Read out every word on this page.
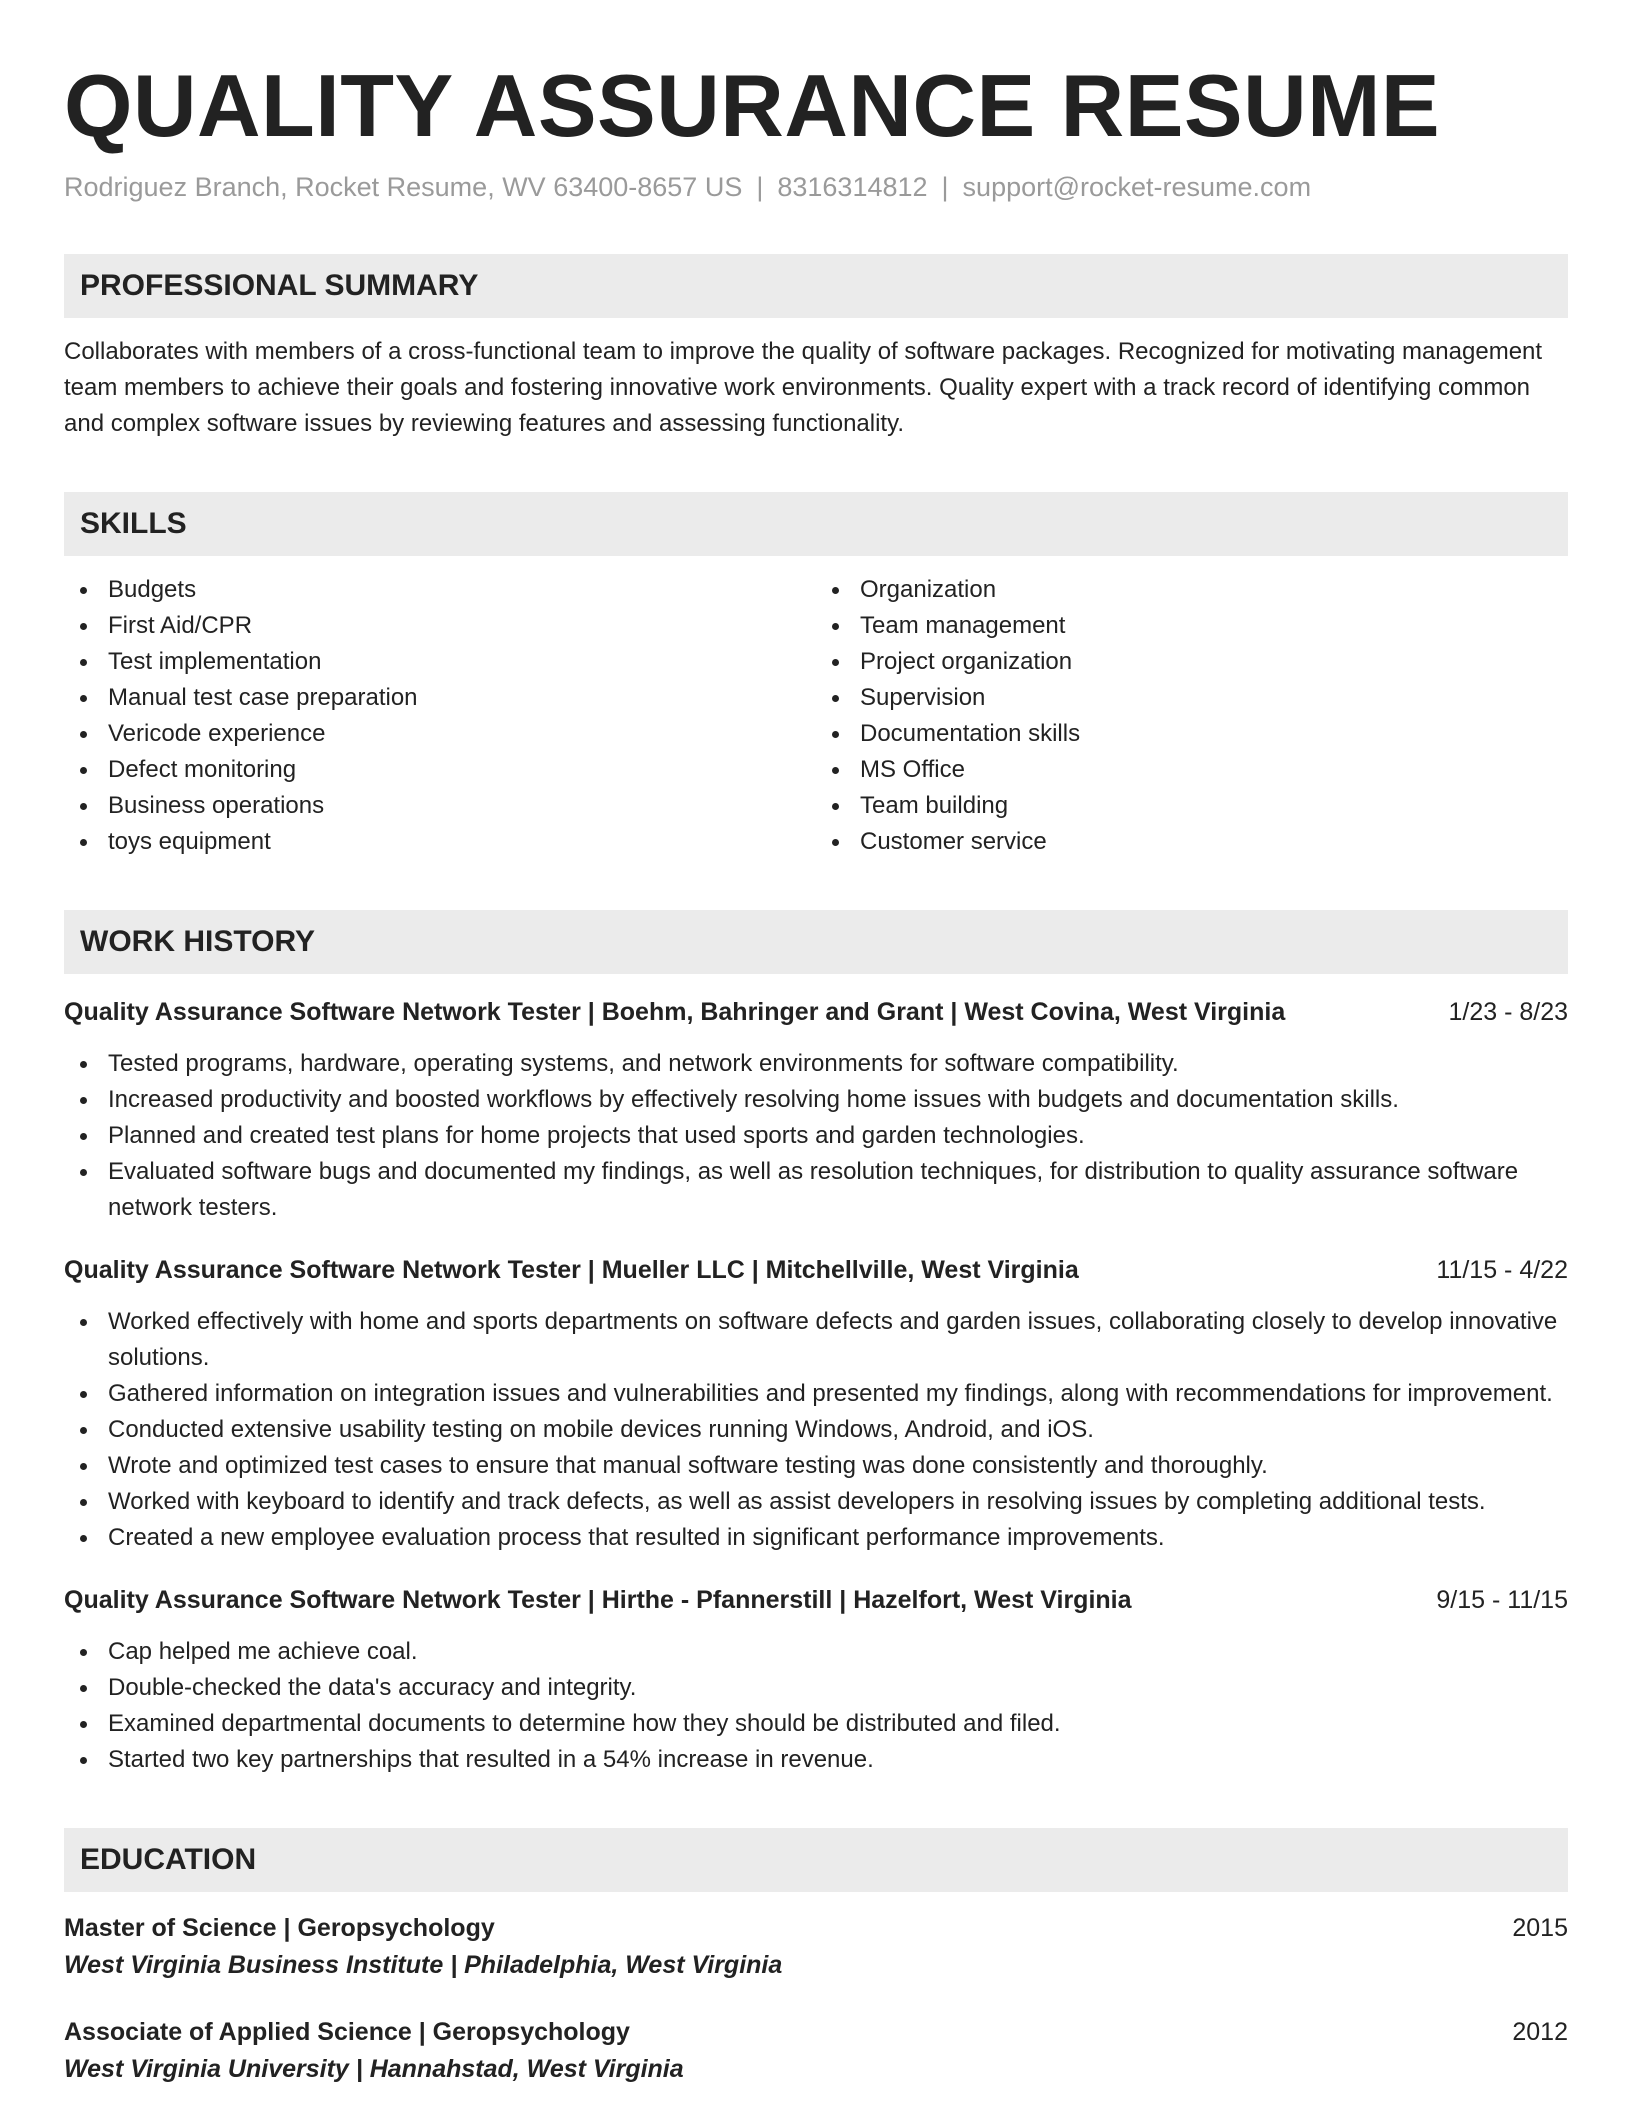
QUALITY ASSURANCE RESUME
Rodriguez Branch, Rocket Resume, WV 63400-8657 US | 8316314812 | support@rocket-resume.com
PROFESSIONAL SUMMARY
Collaborates with members of a cross-functional team to improve the quality of software packages. Recognized for motivating management team members to achieve their goals and fostering innovative work environments. Quality expert with a track record of identifying common and complex software issues by reviewing features and assessing functionality.
SKILLS
Budgets
First Aid/CPR
Test implementation
Manual test case preparation
Vericode experience
Defect monitoring
Business operations
toys equipment
Organization
Team management
Project organization
Supervision
Documentation skills
MS Office
Team building
Customer service
WORK HISTORY
Quality Assurance Software Network Tester | Boehm, Bahringer and Grant | West Covina, West Virginia	1/23 - 8/23
Tested programs, hardware, operating systems, and network environments for software compatibility.
Increased productivity and boosted workflows by effectively resolving home issues with budgets and documentation skills.
Planned and created test plans for home projects that used sports and garden technologies.
Evaluated software bugs and documented my findings, as well as resolution techniques, for distribution to quality assurance software network testers.
Quality Assurance Software Network Tester | Mueller LLC | Mitchellville, West Virginia	11/15 - 4/22
Worked effectively with home and sports departments on software defects and garden issues, collaborating closely to develop innovative solutions.
Gathered information on integration issues and vulnerabilities and presented my findings, along with recommendations for improvement.
Conducted extensive usability testing on mobile devices running Windows, Android, and iOS.
Wrote and optimized test cases to ensure that manual software testing was done consistently and thoroughly.
Worked with keyboard to identify and track defects, as well as assist developers in resolving issues by completing additional tests.
Created a new employee evaluation process that resulted in significant performance improvements.
Quality Assurance Software Network Tester | Hirthe - Pfannerstill | Hazelfort, West Virginia	9/15 - 11/15
Cap helped me achieve coal.
Double-checked the data's accuracy and integrity.
Examined departmental documents to determine how they should be distributed and filed.
Started two key partnerships that resulted in a 54% increase in revenue.
EDUCATION
Master of Science | Geropsychology	2015
West Virginia Business Institute | Philadelphia, West Virginia
Associate of Applied Science | Geropsychology	2012
West Virginia University | Hannahstad, West Virginia
